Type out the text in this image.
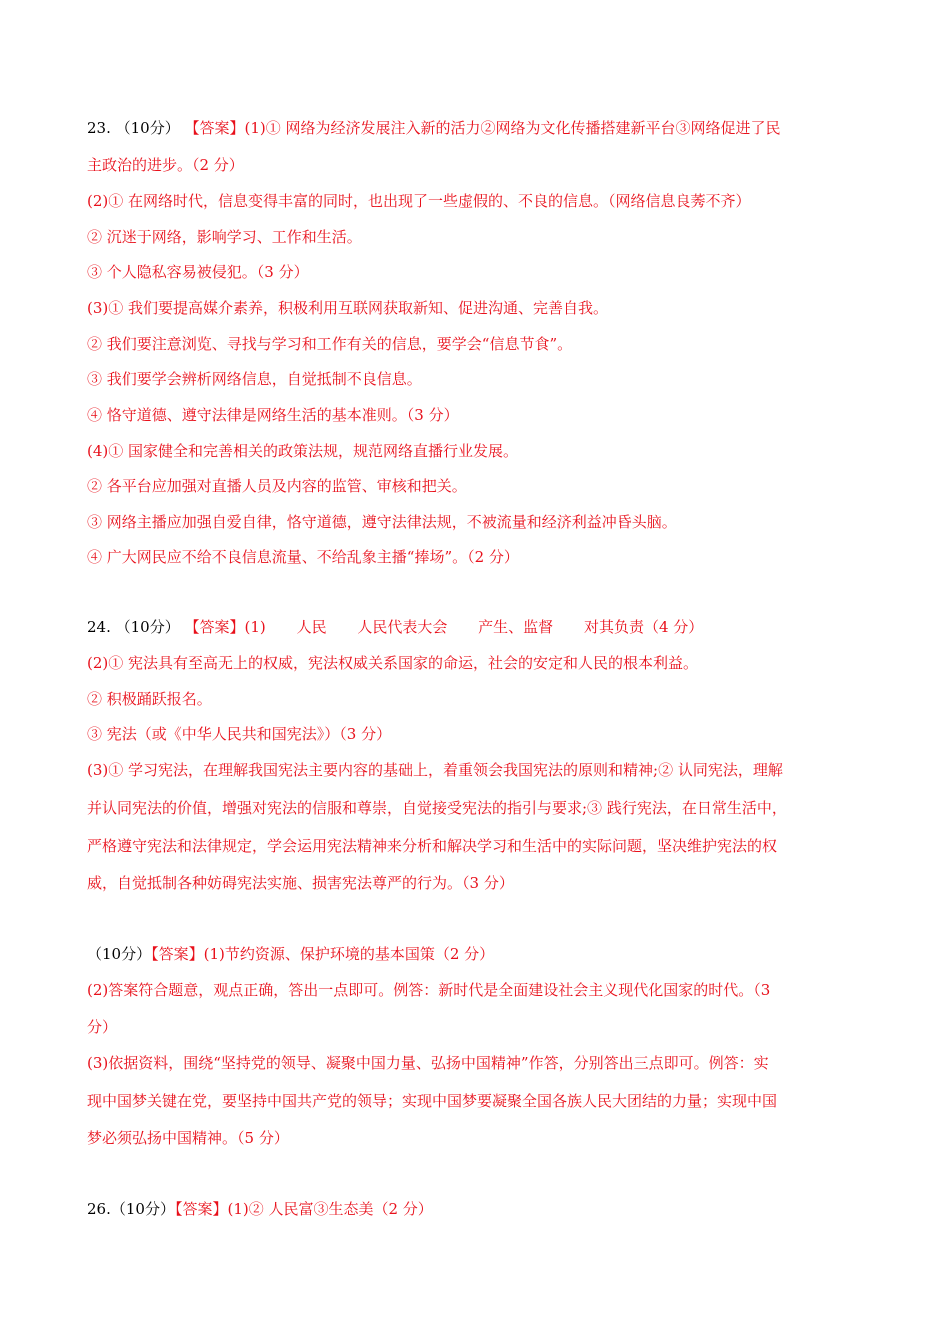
23. （10分） 【答案】(1)① 网络为经济发展注入新的活力②网络为文化传播搭建新平台③网络促进了民
主政治的进步。（2 分）
(2)① 在网络时代，信息变得丰富的同时，也出现了一些虚假的、不良的信息。（网络信息良莠不齐）
② 沉迷于网络，影响学习、工作和生活。
③ 个人隐私容易被侵犯。（3 分）
(3)① 我们要提高媒介素养，积极利用互联网获取新知、促进沟通、完善自我。
② 我们要注意浏览、寻找与学习和工作有关的信息，要学会“信息节食”。
③ 我们要学会辨析网络信息，自觉抵制不良信息。
④ 恪守道德、遵守法律是网络生活的基本准则。（3 分）
(4)① 国家健全和完善相关的政策法规，规范网络直播行业发展。
② 各平台应加强对直播人员及内容的监管、审核和把关。
③ 网络主播应加强自爱自律，恪守道德，遵守法律法规，不被流量和经济利益冲昏头脑。
④ 广大网民应不给不良信息流量、不给乱象主播“捧场”。（2 分）
24. （10分） 【答案】(1) 人民 人民代表大会 产生、监督 对其负责（4 分）
(2)① 宪法具有至高无上的权威，宪法权威关系国家的命运，社会的安定和人民的根本利益。
② 积极踊跃报名。
③ 宪法（或《中华人民共和国宪法》）（3 分）
(3)① 学习宪法，在理解我国宪法主要内容的基础上，着重领会我国宪法的原则和精神;② 认同宪法，理解
并认同宪法的价值，增强对宪法的信服和尊崇，自觉接受宪法的指引与要求;③ 践行宪法，在日常生活中，
严格遵守宪法和法律规定，学会运用宪法精神来分析和解决学习和生活中的实际问题，坚决维护宪法的权
威，自觉抵制各种妨碍宪法实施、损害宪法尊严的行为。（3 分）
（10分）【答案】(1)节约资源、保护环境的基本国策（2 分）
(2)答案符合题意，观点正确，答出一点即可。例答：新时代是全面建设社会主义现代化国家的时代。（3
分）
(3)依据资料，围绕“坚持党的领导、凝聚中国力量、弘扬中国精神”作答，分别答出三点即可。例答：实
现中国梦关键在党，要坚持中国共产党的领导；实现中国梦要凝聚全国各族人民大团结的力量；实现中国
梦必须弘扬中国精神。（5 分）
26.（10分）【答案】(1)② 人民富③生态美（2 分）
